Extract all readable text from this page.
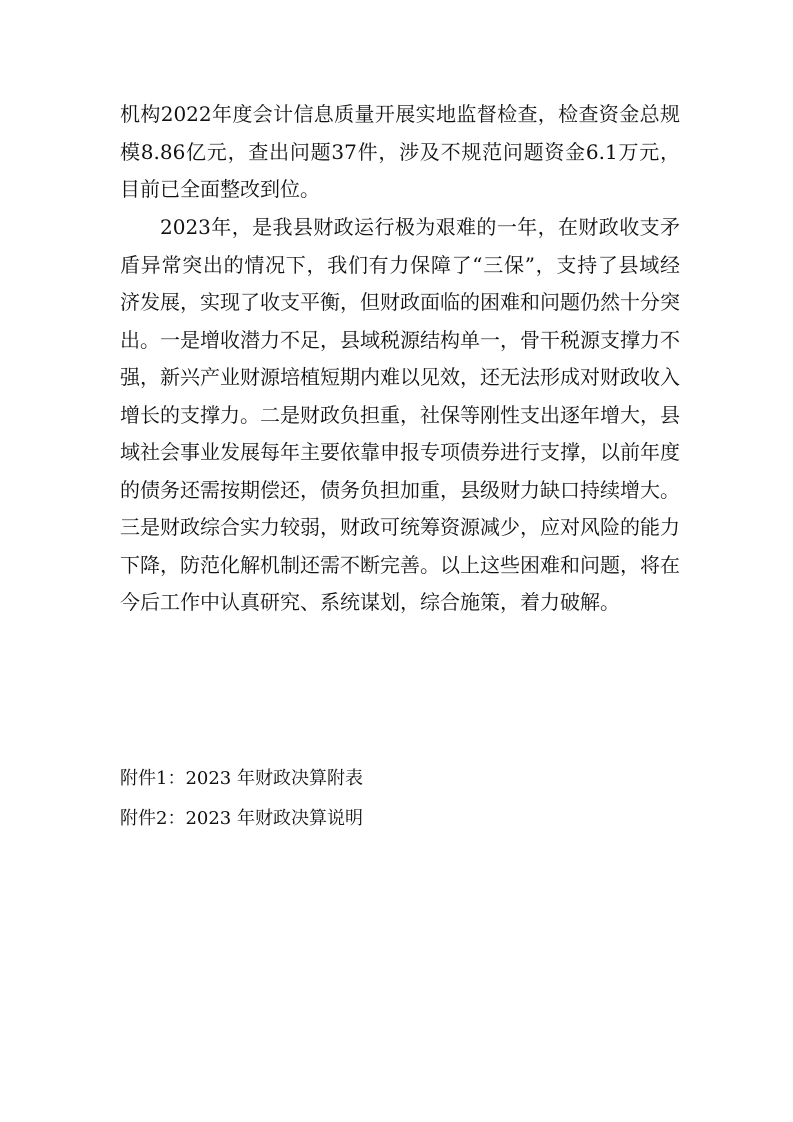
机构2022年度会计信息质量开展实地监督检查，检查资金总规模8.86亿元，查出问题37件，涉及不规范问题资金6.1万元，目前已全面整改到位。

2023年，是我县财政运行极为艰难的一年，在财政收支矛盾异常突出的情况下，我们有力保障了“三保”，支持了县域经济发展，实现了收支平衡，但财政面临的困难和问题仍然十分突出。一是增收潜力不足，县域税源结构单一，骨干税源支撑力不强，新兴产业财源培植短期内难以见效，还无法形成对财政收入增长的支撑力。二是财政负担重，社保等刚性支出逐年增大，县域社会事业发展每年主要依靠申报专项债券进行支撑，以前年度的债务还需按期偿还，债务负担加重，县级财力缺口持续增大。三是财政综合实力较弱，财政可统筹资源减少，应对风险的能力下降，防范化解机制还需不断完善。以上这些困难和问题，将在今后工作中认真研究、系统谋划，综合施策，着力破解。

附件1：2023 年财政决算附表

附件2：2023 年财政决算说明
